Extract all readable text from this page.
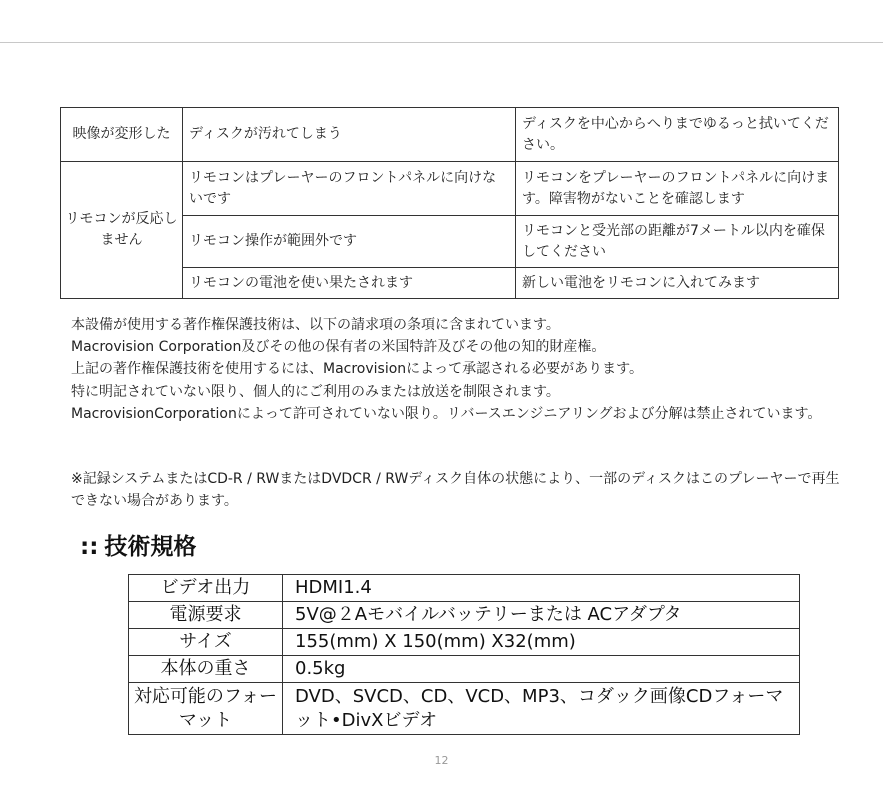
映像が変形した	ディスクが汚れてしまう	ディスクを中心からへりまでゆるっと拭いてください。
リモコンが反応しません	リモコンはプレーヤーのフロントパネルに向けないです	リモコンをプレーヤーのフロントパネルに向けます。障害物がないことを確認します
	リモコン操作が範囲外です	リモコンと受光部の距離が7メートル以内を確保してください
	リモコンの電池を使い果たされます	新しい電池をリモコンに入れてみます

本設備が使用する著作権保護技術は、以下の請求項の条項に含まれています。

Macrovision Corporation及びその他の保有者の米国特許及びその他の知的財産権。

上記の著作権保護技術を使用するには、Macrovisionによって承認される必要があります。

特に明記されていない限り、個人的にご利用のみまたは放送を制限されます。

MacrovisionCorporationによって許可されていない限り。リバースエンジニアリングおよび分解は禁止されています。

※記録システムまたはCD-R / RWまたはDVDCR / RWディスク自体の状態により、一部のディスクはこのプレーヤーで再生できない場合があります。

:: 技術規格
ビデオ出力	HDMI1.4
電源要求	5V@２Aモバイルバッテリーまたは ACアダプタ
サイズ	155(mm) X 150(mm) X32(mm)
本体の重さ	0.5kg
対応可能のフォーマット	DVD、SVCD、CD、VCD、MP3、コダック画像CDフォーマット•DivXビデオ
12
